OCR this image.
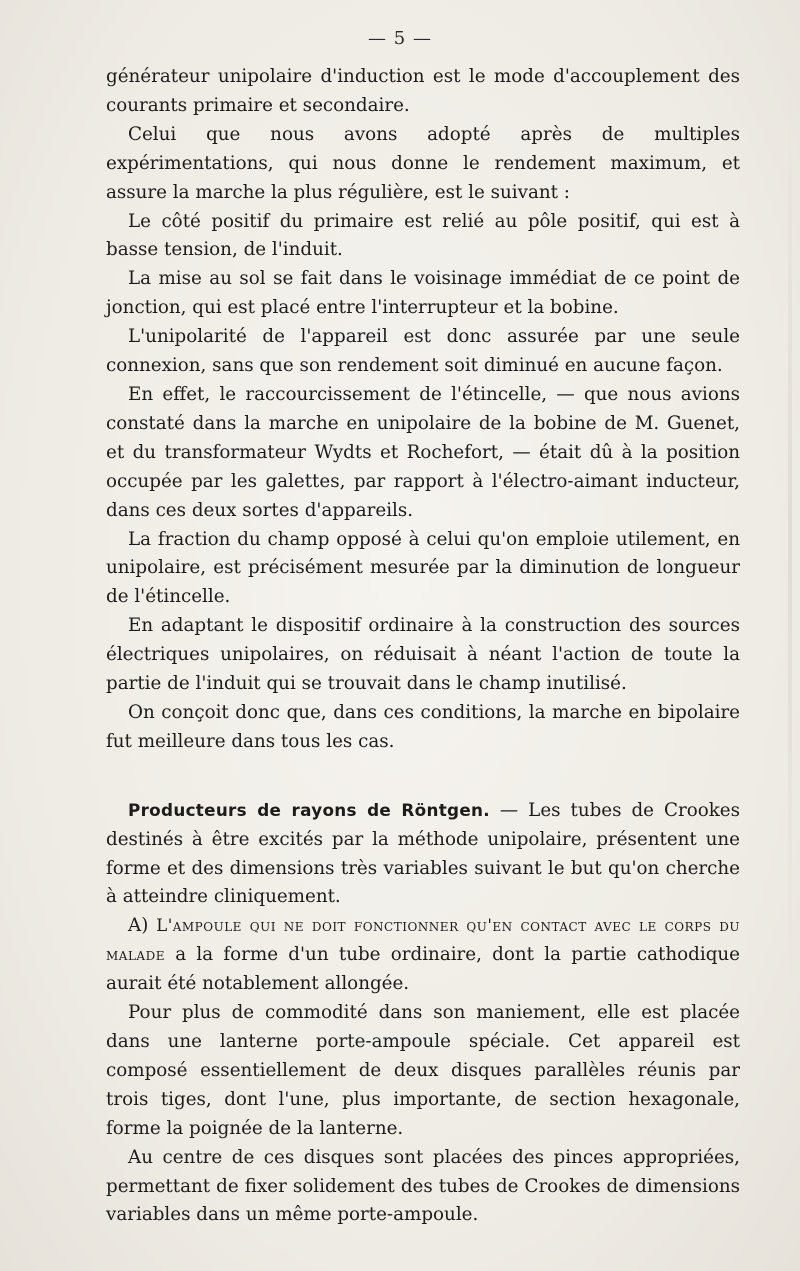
— 5 —

générateur unipolaire d'induction est le mode d'accouplement des courants primaire et secondaire.

Celui que nous avons adopté après de multiples expérimentations, qui nous donne le rendement maximum, et assure la marche la plus régulière, est le suivant :

Le côté positif du primaire est relié au pôle positif, qui est à basse tension, de l'induit.

La mise au sol se fait dans le voisinage immédiat de ce point de jonction, qui est placé entre l'interrupteur et la bobine.

L'unipolarité de l'appareil est donc assurée par une seule connexion, sans que son rendement soit diminué en aucune façon.

En effet, le raccourcissement de l'étincelle, — que nous avions constaté dans la marche en unipolaire de la bobine de M. Guenet, et du transformateur Wydts et Rochefort, — était dû à la position occupée par les galettes, par rapport à l'électro-aimant inducteur, dans ces deux sortes d'appareils.

La fraction du champ opposé à celui qu'on emploie utilement, en unipolaire, est précisément mesurée par la diminution de longueur de l'étincelle.

En adaptant le dispositif ordinaire à la construction des sources électriques unipolaires, on réduisait à néant l'action de toute la partie de l'induit qui se trouvait dans le champ inutilisé.

On conçoit donc que, dans ces conditions, la marche en bipolaire fut meilleure dans tous les cas.

Producteurs de rayons de Röntgen. — Les tubes de Crookes destinés à être excités par la méthode unipolaire, présentent une forme et des dimensions très variables suivant le but qu'on cherche à atteindre cliniquement.

A) L'ampoule qui ne doit fonctionner qu'en contact avec le corps du malade a la forme d'un tube ordinaire, dont la partie cathodique aurait été notablement allongée.

Pour plus de commodité dans son maniement, elle est placée dans une lanterne porte-ampoule spéciale. Cet appareil est composé essentiellement de deux disques parallèles réunis par trois tiges, dont l'une, plus importante, de section hexagonale, forme la poignée de la lanterne.

Au centre de ces disques sont placées des pinces appropriées, permettant de fixer solidement des tubes de Crookes de dimensions variables dans un même porte-ampoule.
